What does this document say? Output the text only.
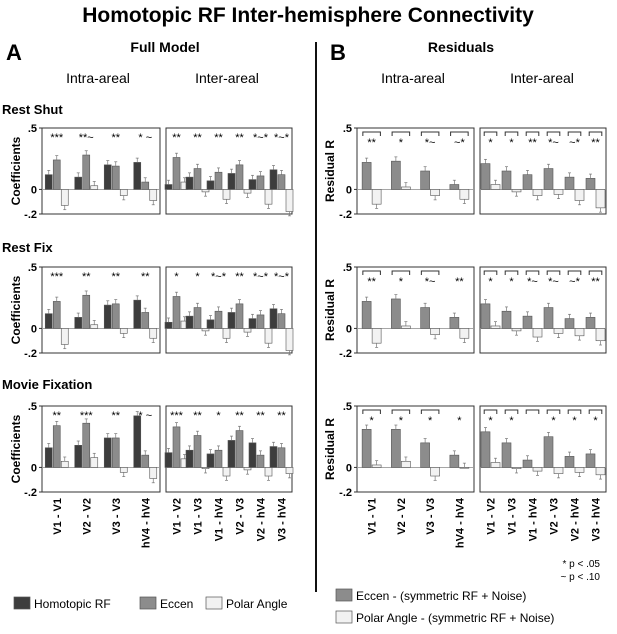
Homotopic RF Inter-hemisphere Connectivity
A	B
Full Model	Residuals
Intra-areal	Inter-areal	Intra-areal	Inter-areal
Rest Shut
Rest Fix
Movie Fixation
.5
0
-.2
Coefficients *** **~ ** * ~ ** ** ** ** *~* *~*
.5
0
-.2
Residual R	** * *~ ~* * * ** *~ ~* **
.5
0
-.2
Coefficients *** ** ** ** * * *~* ** *~* *~*
.5
0
-.2
Residual R	** * *~ ** * * *~ *~ ~* **
.5
0
-.2
Coefficients	** *** ** * ~ *** ** * ** ** **
.5
0
-.2
Residual R	* * * * * *	* * *
V1 - V1 V2 - V2 V3 - V3 hV4 - hV4 V1 - V2 V1 - V3 V1 - hV4 V2 - V3 V2 - hV4 V3 - hV4	V1 - V1 V2 - V2 V3 - V3 hV4 - hV4 V1 - V2 V1 - V3 V1 - hV4 V2 - V3 V2 - hV4 V3 - hV4
* p < .05
~ p < .10
Homotopic RF	Eccen	Polar Angle
Eccen - (symmetric RF + Noise)
Polar Angle - (symmetric RF + Noise)
